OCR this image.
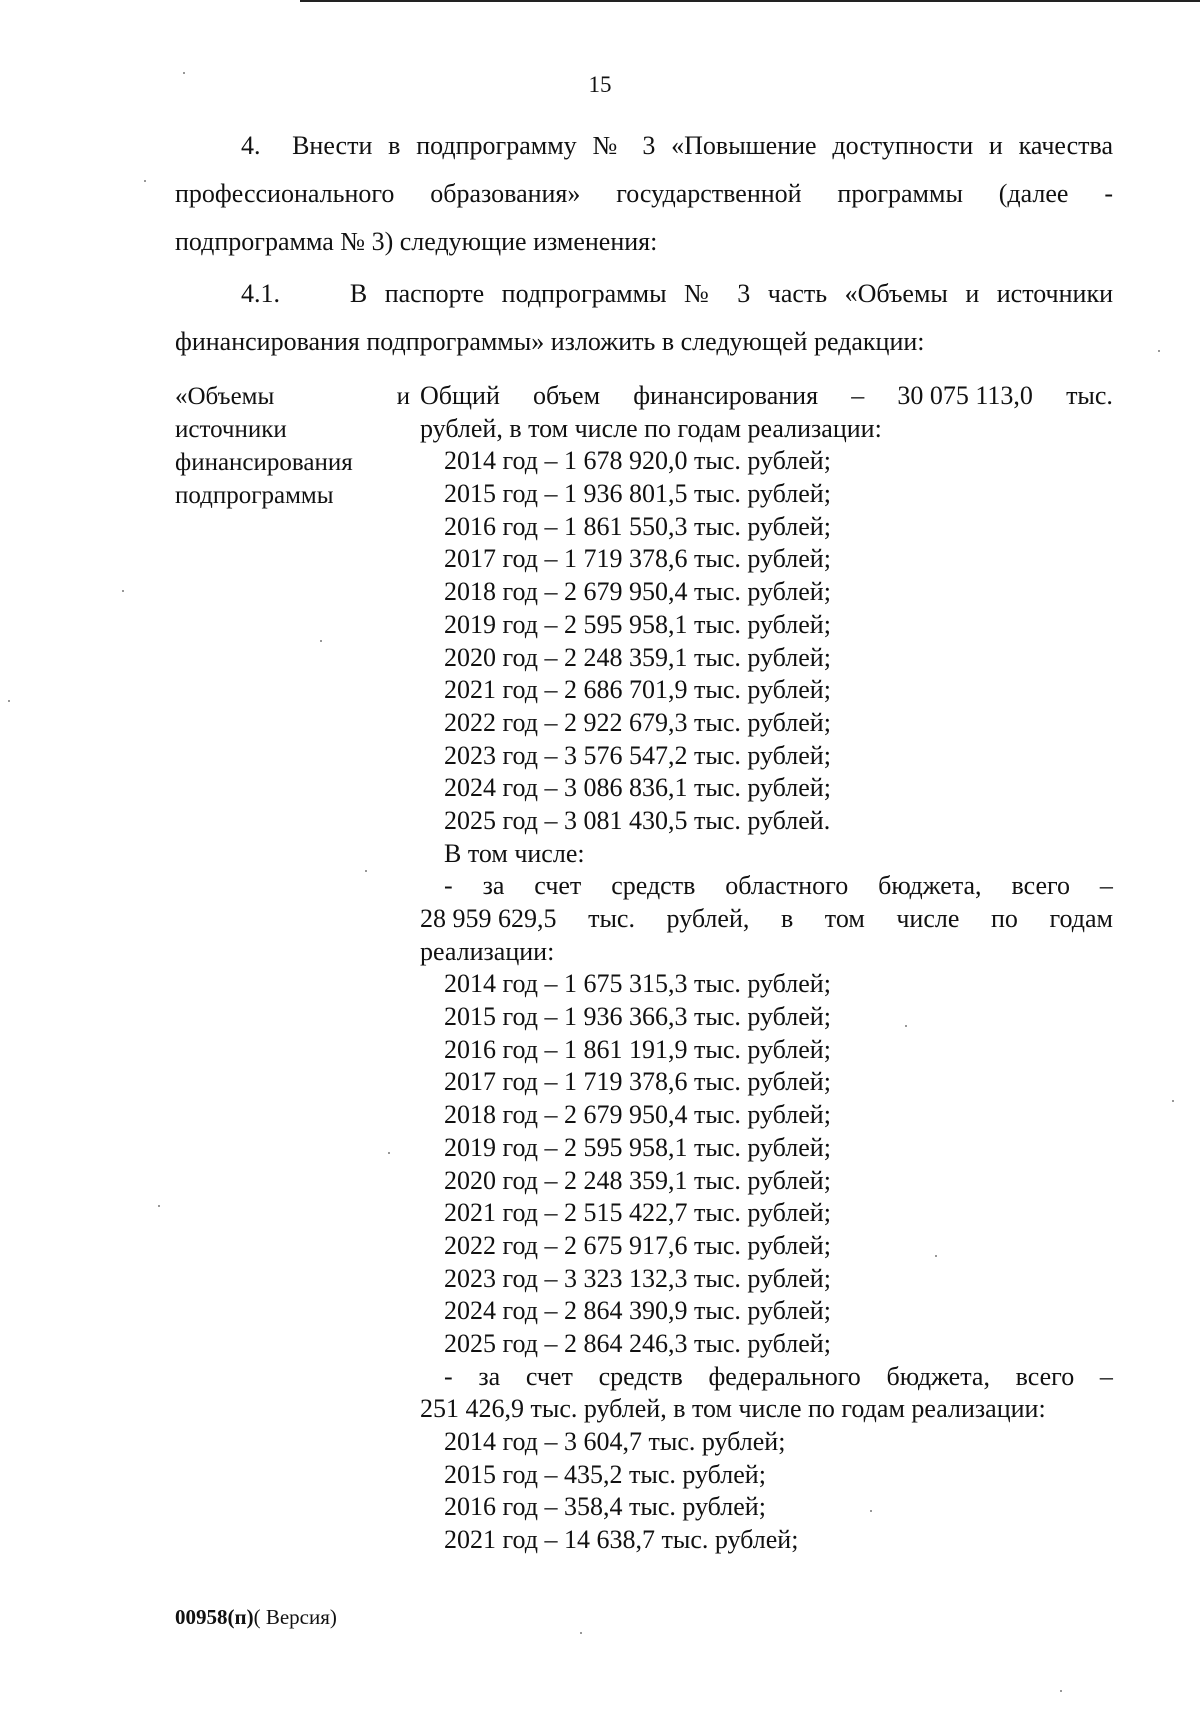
15
4. Внести в подпрограмму № 3 «Повышение доступности и качества профессионального образования» государственной программы (далее - подпрограмма № 3) следующие изменения:
4.1.	В паспорте подпрограммы № 3 часть «Объемы и источники финансирования подпрограммы» изложить в следующей редакции:
«Объемы	и
источники
финансирования
подпрограммы
Общий объем финансирования – 30 075 113,0 тыс.
рублей, в том числе по годам реализации:
2014 год – 1 678 920,0 тыс. рублей;
2015 год – 1 936 801,5 тыс. рублей;
2016 год – 1 861 550,3 тыс. рублей;
2017 год – 1 719 378,6 тыс. рублей;
2018 год – 2 679 950,4 тыс. рублей;
2019 год – 2 595 958,1 тыс. рублей;
2020 год – 2 248 359,1 тыс. рублей;
2021 год – 2 686 701,9 тыс. рублей;
2022 год – 2 922 679,3 тыс. рублей;
2023 год – 3 576 547,2 тыс. рублей;
2024 год – 3 086 836,1 тыс. рублей;
2025 год – 3 081 430,5 тыс. рублей.
В том числе:
- за счет средств областного бюджета, всего –
28 959 629,5 тыс. рублей, в том числе по годам
реализации:
2014 год – 1 675 315,3 тыс. рублей;
2015 год – 1 936 366,3 тыс. рублей;
2016 год – 1 861 191,9 тыс. рублей;
2017 год – 1 719 378,6 тыс. рублей;
2018 год – 2 679 950,4 тыс. рублей;
2019 год – 2 595 958,1 тыс. рублей;
2020 год – 2 248 359,1 тыс. рублей;
2021 год – 2 515 422,7 тыс. рублей;
2022 год – 2 675 917,6 тыс. рублей;
2023 год – 3 323 132,3 тыс. рублей;
2024 год – 2 864 390,9 тыс. рублей;
2025 год – 2 864 246,3 тыс. рублей;
- за счет средств федерального бюджета, всего –
251 426,9 тыс. рублей, в том числе по годам реализации:
2014 год – 3 604,7 тыс. рублей;
2015 год – 435,2 тыс. рублей;
2016 год – 358,4 тыс. рублей;
2021 год – 14 638,7 тыс. рублей;
00958(п)( Версия)
